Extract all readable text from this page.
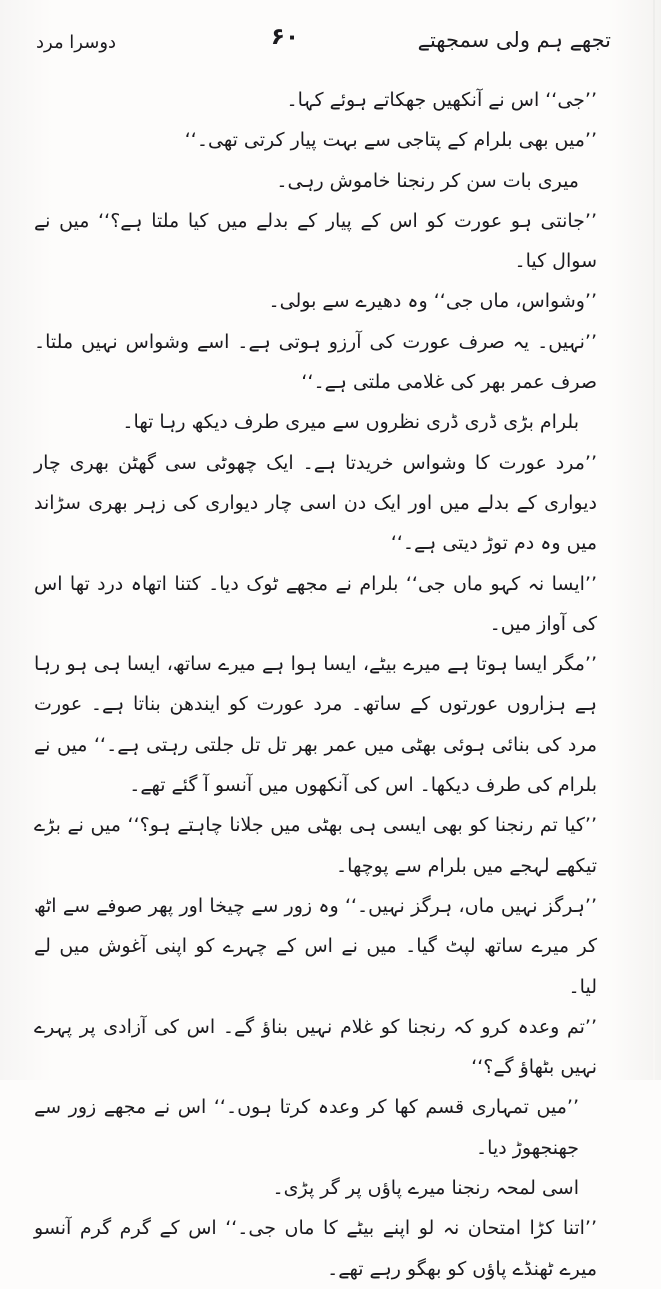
تجھے ہم ولی سمجھتے
۶۰
دوسرا مرد

’’جی‘‘ اس نے آنکھیں جھکاتے ہوئے کہا۔

’’میں بھی بلرام کے پتاجی سے بہت پیار کرتی تھی۔‘‘

میری بات سن کر رنجنا خاموش رہی۔

’’جانتی ہو عورت کو اس کے پیار کے بدلے میں کیا ملتا ہے؟‘‘ میں نے سوال کیا۔

’’وشواس، ماں جی‘‘ وہ دھیرے سے بولی۔

’’نہیں۔ یہ صرف عورت کی آرزو ہوتی ہے۔ اسے وشواس نہیں ملتا۔ صرف عمر بھر کی غلامی ملتی ہے۔‘‘

بلرام بڑی ڈری ڈری نظروں سے میری طرف دیکھ رہا تھا۔

’’مرد عورت کا وشواس خریدتا ہے۔ ایک چھوٹی سی گھٹن بھری چار دیواری کے بدلے میں اور ایک دن اسی چار دیواری کی زہر بھری سڑاند میں وہ دم توڑ دیتی ہے۔‘‘

’’ایسا نہ کہو ماں جی‘‘ بلرام نے مجھے ٹوک دیا۔ کتنا اتھاہ درد تھا اس کی آواز میں۔

’’مگر ایسا ہوتا ہے میرے بیٹے، ایسا ہوا ہے میرے ساتھ، ایسا ہی ہو رہا ہے ہزاروں عورتوں کے ساتھ۔ مرد عورت کو ایندھن بناتا ہے۔ عورت مرد کی بنائی ہوئی بھٹی میں عمر بھر تل تل جلتی رہتی ہے۔‘‘ میں نے بلرام کی طرف دیکھا۔ اس کی آنکھوں میں آنسو آ گئے تھے۔

’’کیا تم رنجنا کو بھی ایسی ہی بھٹی میں جلانا چاہتے ہو؟‘‘ میں نے بڑے تیکھے لہجے میں بلرام سے پوچھا۔

’’ہرگز نہیں ماں، ہرگز نہیں۔‘‘ وہ زور سے چیخا اور پھر صوفے سے اٹھ کر میرے ساتھ لپٹ گیا۔ میں نے اس کے چہرے کو اپنی آغوش میں لے لیا۔

’’تم وعدہ کرو کہ رنجنا کو غلام نہیں بناؤ گے۔ اس کی آزادی پر پہرے نہیں بٹھاؤ گے؟‘‘

’’میں تمہاری قسم کھا کر وعدہ کرتا ہوں۔‘‘ اس نے مجھے زور سے جھنجھوڑ دیا۔

اسی لمحہ رنجنا میرے پاؤں پر گر پڑی۔

’’اتنا کڑا امتحان نہ لو اپنے بیٹے کا ماں جی۔‘‘ اس کے گرم گرم آنسو میرے ٹھنڈے پاؤں کو بھگو رہے تھے۔
